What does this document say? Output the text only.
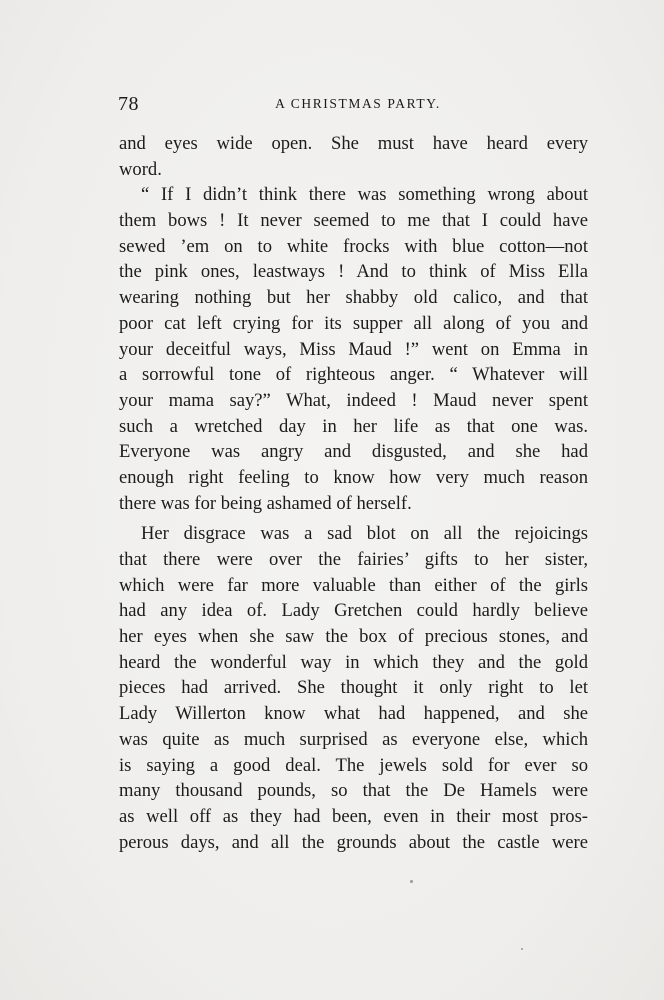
78	A CHRISTMAS PARTY.
and eyes wide open. She must have heard every
word.
“ If I didn’t think there was something wrong about
them bows ! It never seemed to me that I could have
sewed ’em on to white frocks with blue cotton—not
the pink ones, leastways ! And to think of Miss Ella
wearing nothing but her shabby old calico, and that
poor cat left crying for its supper all along of you and
your deceitful ways, Miss Maud !” went on Emma in
a sorrowful tone of righteous anger. “ Whatever will
your mama say?” What, indeed ! Maud never spent
such a wretched day in her life as that one was.
Everyone was angry and disgusted, and she had
enough right feeling to know how very much reason
there was for being ashamed of herself.
Her disgrace was a sad blot on all the rejoicings
that there were over the fairies’ gifts to her sister,
which were far more valuable than either of the girls
had any idea of. Lady Gretchen could hardly believe
her eyes when she saw the box of precious stones, and
heard the wonderful way in which they and the gold
pieces had arrived. She thought it only right to let
Lady Willerton know what had happened, and she
was quite as much surprised as everyone else, which
is saying a good deal. The jewels sold for ever so
many thousand pounds, so that the De Hamels were
as well off as they had been, even in their most pros-
perous days, and all the grounds about the castle were
